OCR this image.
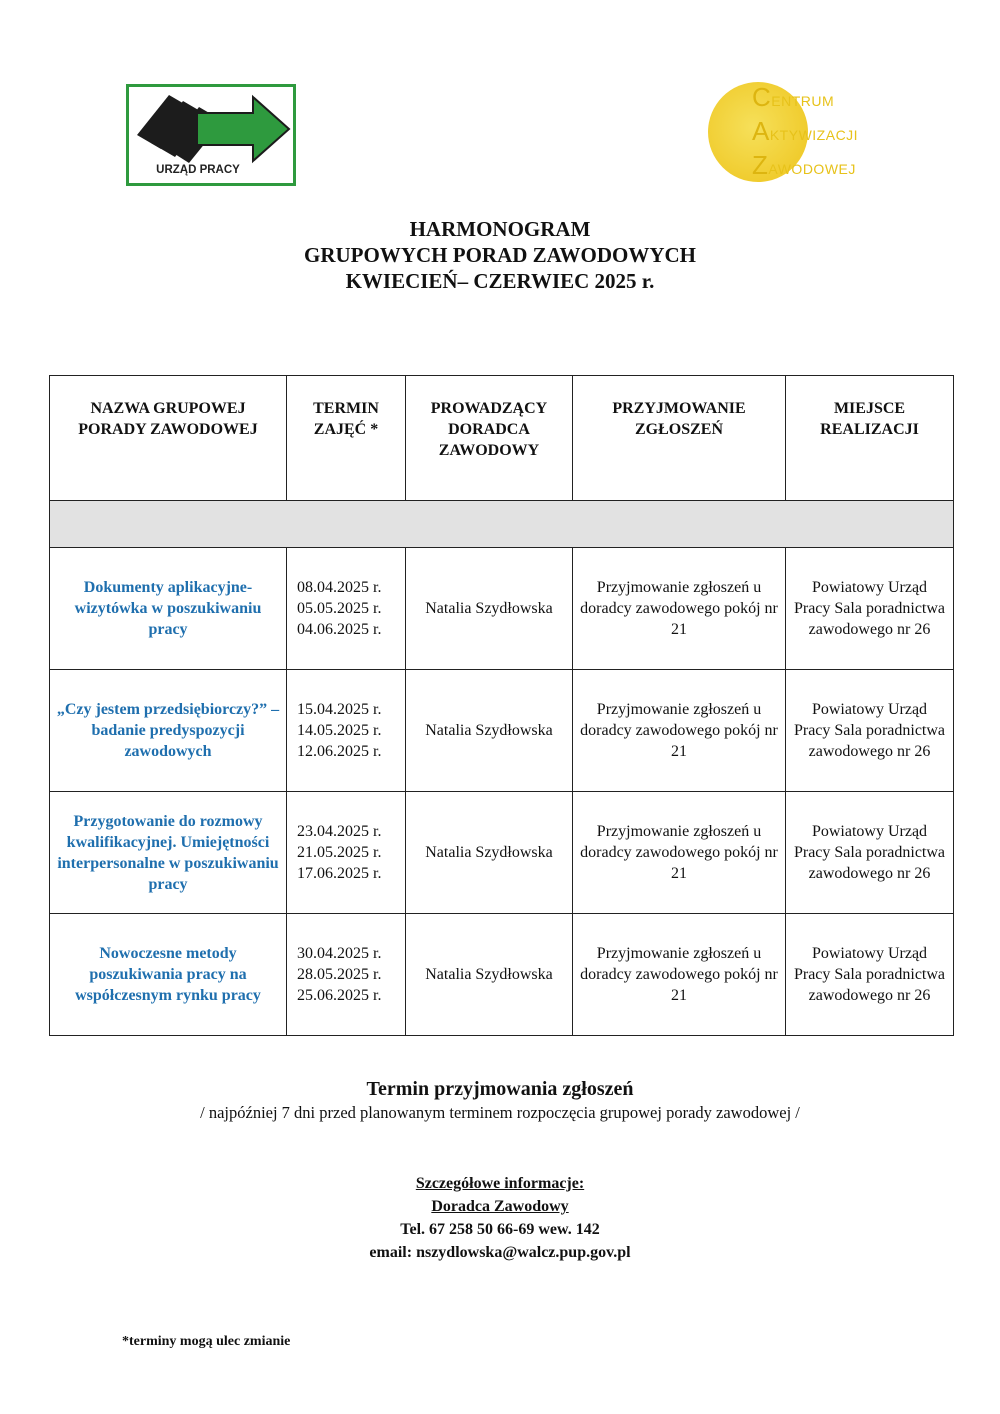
URZĄD PRACY
CENTRUM
AKTYWIZACJI
ZAWODOWEJ
HARMONOGRAM
GRUPOWYCH PORAD ZAWODOWYCH
KWIECIEŃ– CZERWIEC 2025 r.
NAZWA GRUPOWEJ PORADY ZAWODOWEJ	TERMIN ZAJĘĆ *	PROWADZĄCY DORADCA ZAWODOWY	PRZYJMOWANIE ZGŁOSZEŃ	MIEJSCE REALIZACJI

Dokumenty aplikacyjne- wizytówka w poszukiwaniu pracy	08.04.2025 r.
05.05.2025 r.
04.06.2025 r.	Natalia Szydłowska	Przyjmowanie zgłoszeń u doradcy zawodowego pokój nr 21	Powiatowy Urząd Pracy Sala poradnictwa zawodowego nr 26
„Czy jestem przedsiębiorczy?” – badanie predyspozycji zawodowych	15.04.2025 r.
14.05.2025 r.
12.06.2025 r.	Natalia Szydłowska	Przyjmowanie zgłoszeń u doradcy zawodowego pokój nr 21	Powiatowy Urząd Pracy Sala poradnictwa zawodowego nr 26
Przygotowanie do rozmowy kwalifikacyjnej. Umiejętności interpersonalne w poszukiwaniu pracy	23.04.2025 r.
21.05.2025 r.
17.06.2025 r.	Natalia Szydłowska	Przyjmowanie zgłoszeń u doradcy zawodowego pokój nr 21	Powiatowy Urząd Pracy Sala poradnictwa zawodowego nr 26
Nowoczesne metody poszukiwania pracy na współczesnym rynku pracy	30.04.2025 r.
28.05.2025 r.
25.06.2025 r.	Natalia Szydłowska	Przyjmowanie zgłoszeń u doradcy zawodowego pokój nr 21	Powiatowy Urząd Pracy Sala poradnictwa zawodowego nr 26
Termin przyjmowania zgłoszeń
/ najpóźniej 7 dni przed planowanym terminem rozpoczęcia grupowej porady zawodowej /
Szczegółowe informacje:
Doradca Zawodowy
Tel. 67 258 50 66-69 wew. 142
email: nszydlowska@walcz.pup.gov.pl
*terminy mogą ulec zmianie
